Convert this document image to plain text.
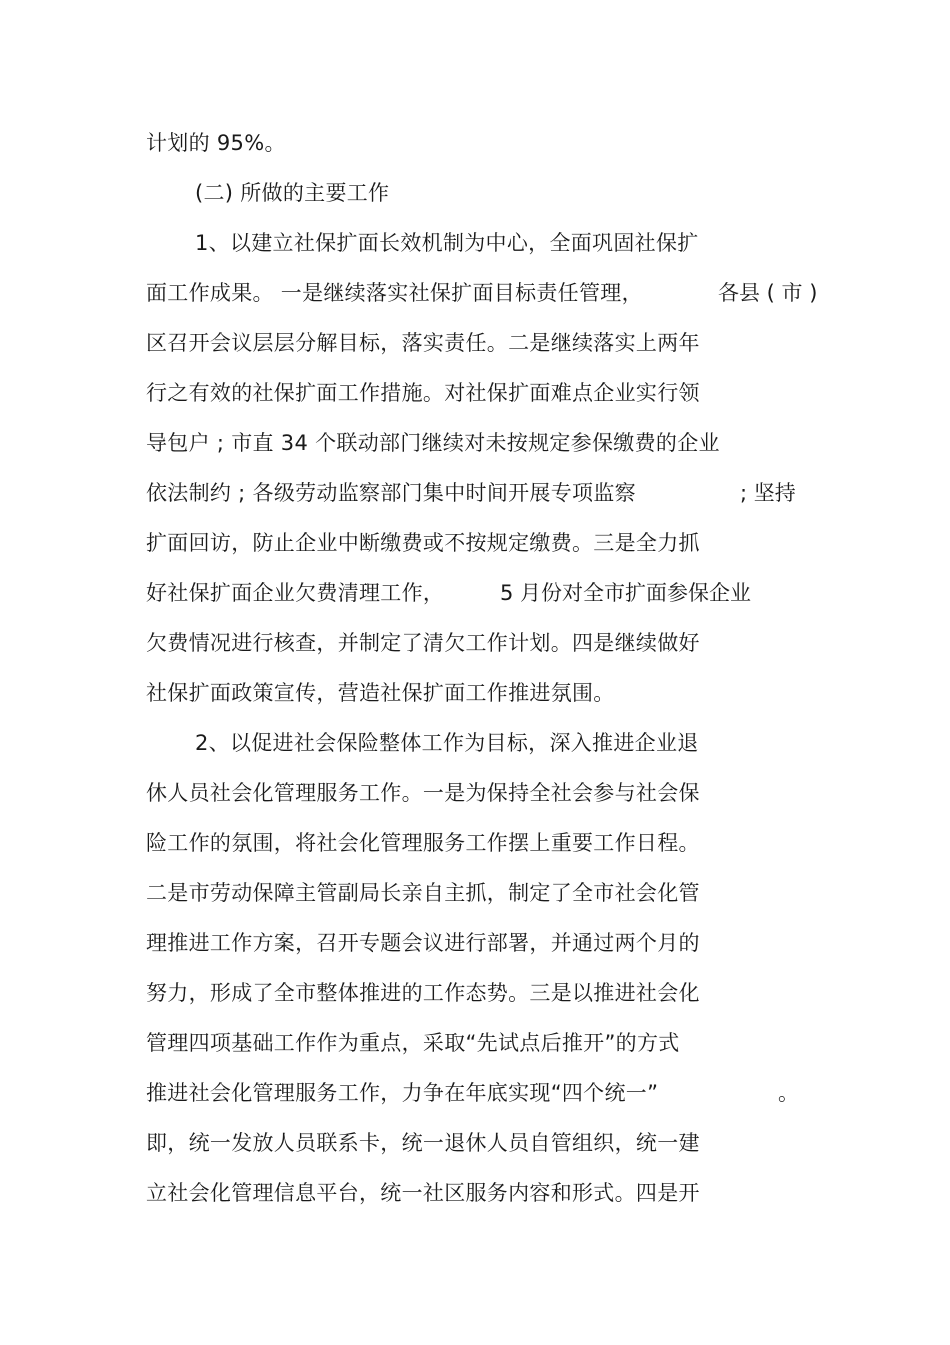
计划的 95%。
(二) 所做的主要工作
1、以建立社保扩面长效机制为中心，全面巩固社保扩
面工作成果。 一是继续落实社保扩面目标责任管理，	各县 ( 市 )
区召开会议层层分解目标，落实责任。二是继续落实上两年
行之有效的社保扩面工作措施。对社保扩面难点企业实行领
导包户 ; 市直 34 个联动部门继续对未按规定参保缴费的企业
依法制约 ; 各级劳动监察部门集中时间开展专项监察	; 坚持
扩面回访，防止企业中断缴费或不按规定缴费。三是全力抓
好社保扩面企业欠费清理工作，	5 月份对全市扩面参保企业
欠费情况进行核查，并制定了清欠工作计划。四是继续做好
社保扩面政策宣传，营造社保扩面工作推进氛围。
2、以促进社会保险整体工作为目标，深入推进企业退
休人员社会化管理服务工作。一是为保持全社会参与社会保
险工作的氛围，将社会化管理服务工作摆上重要工作日程。
二是市劳动保障主管副局长亲自主抓，制定了全市社会化管
理推进工作方案，召开专题会议进行部署，并通过两个月的
努力，形成了全市整体推进的工作态势。三是以推进社会化
管理四项基础工作作为重点，采取“先试点后推开”的方式
推进社会化管理服务工作，力争在年底实现“四个统一”	。
即，统一发放人员联系卡，统一退休人员自管组织，统一建
立社会化管理信息平台，统一社区服务内容和形式。四是开
